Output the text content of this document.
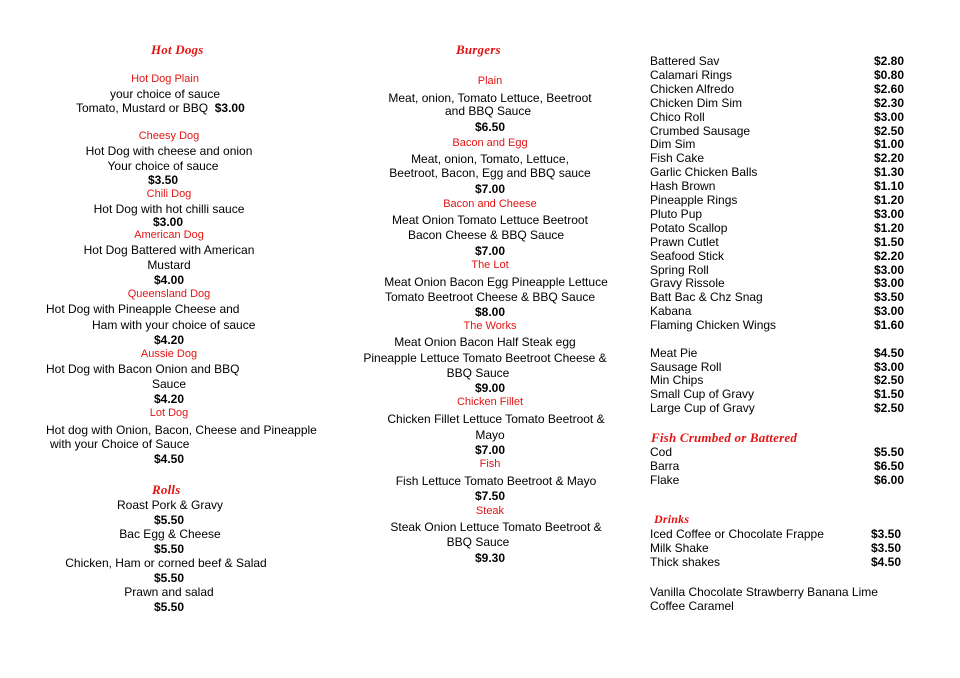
Hot Dogs
Hot Dog Plain
your choice of sauce
Tomato, Mustard or BBQ $3.00
Cheesy Dog
Hot Dog with cheese and onion
Your choice of sauce
$3.50
Chili Dog
Hot Dog with hot chilli sauce
$3.00
American Dog
Hot Dog Battered with American
Mustard
$4.00
Queensland Dog
Hot Dog with Pineapple Cheese and
Ham with your choice of sauce
$4.20
Aussie Dog
Hot Dog with Bacon Onion and BBQ
Sauce
$4.20
Lot Dog
Hot dog with Onion, Bacon, Cheese and Pineapple
with your Choice of Sauce
$4.50
Rolls
Roast Pork & Gravy
$5.50
Bac Egg & Cheese
$5.50
Chicken, Ham or corned beef & Salad
$5.50
Prawn and salad
$5.50
Burgers
Plain
Meat, onion, Tomato Lettuce, Beetroot
and BBQ Sauce
$6.50
Bacon and Egg
Meat, onion, Tomato, Lettuce,
Beetroot, Bacon, Egg and BBQ sauce
$7.00
Bacon and Cheese
Meat Onion Tomato Lettuce Beetroot
Bacon Cheese & BBQ Sauce
$7.00
The Lot
Meat Onion Bacon Egg Pineapple Lettuce
Tomato Beetroot Cheese & BBQ Sauce
$8.00
The Works
Meat Onion Bacon Half Steak egg
Pineapple Lettuce Tomato Beetroot Cheese &
BBQ Sauce
$9.00
Chicken Fillet
Chicken Fillet Lettuce Tomato Beetroot &
Mayo
$7.00
Fish
Fish Lettuce Tomato Beetroot & Mayo
$7.50
Steak
Steak Onion Lettuce Tomato Beetroot &
BBQ Sauce
$9.30
Battered Sav	$2.80
Calamari Rings	$0.80
Chicken Alfredo	$2.60
Chicken Dim Sim	$2.30
Chico Roll	$3.00
Crumbed Sausage	$2.50
Dim Sim	$1.00
Fish Cake	$2.20
Garlic Chicken Balls	$1.30
Hash Brown	$1.10
Pineapple Rings	$1.20
Pluto Pup	$3.00
Potato Scallop	$1.20
Prawn Cutlet	$1.50
Seafood Stick	$2.20
Spring Roll	$3.00
Gravy Rissole	$3.00
Batt Bac & Chz Snag	$3.50
Kabana	$3.00
Flaming Chicken Wings	$1.60
Meat Pie	$4.50
Sausage Roll	$3.00
Min Chips	$2.50
Small Cup of Gravy	$1.50
Large Cup of Gravy	$2.50
Fish Crumbed or Battered
Cod	$5.50
Barra	$6.50
Flake	$6.00
Drinks
Iced Coffee or Chocolate Frappe	$3.50
Milk Shake	$3.50
Thick shakes	$4.50
Vanilla Chocolate Strawberry Banana Lime
Coffee Caramel
